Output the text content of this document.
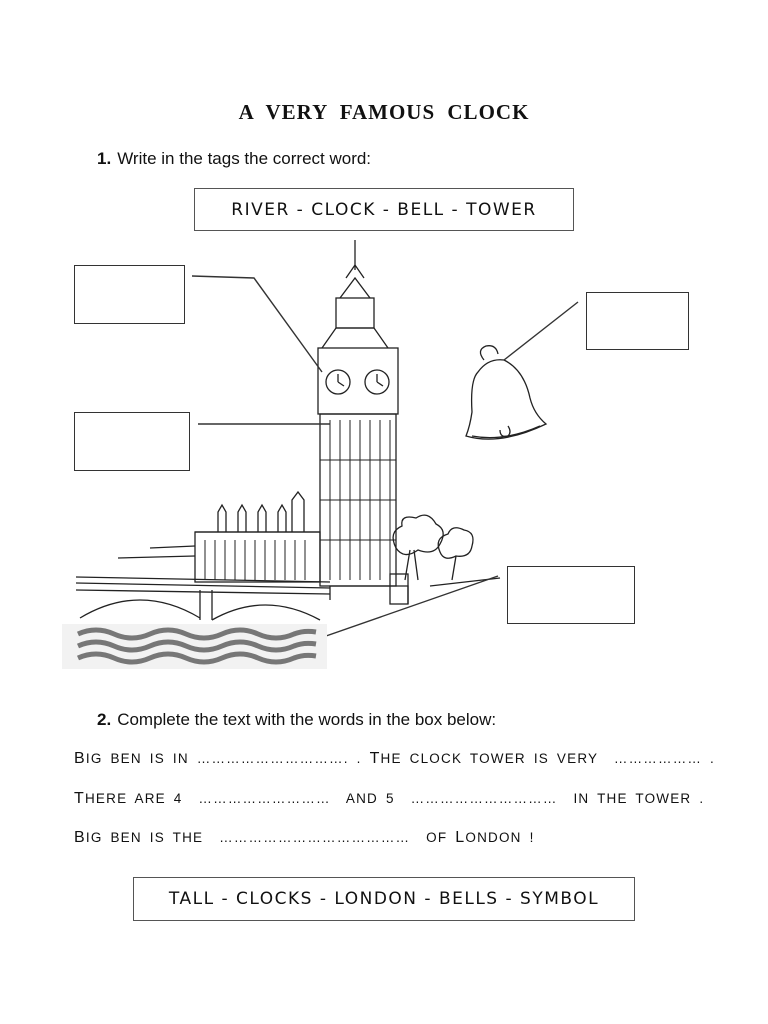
A VERY FAMOUS CLOCK
1. Write in the tags the correct word:
RIVER - CLOCK - BELL - TOWER
2. Complete the text with the words in the box below:
BIG BEN IS IN …………………………. . THE CLOCK TOWER IS VERY  ……………… .
THERE ARE 4  ………………………  AND 5  …………………………  IN THE TOWER .
BIG BEN IS THE  …………………………………  OF LONDON !
TALL - CLOCKS - LONDON - BELLS - SYMBOL
